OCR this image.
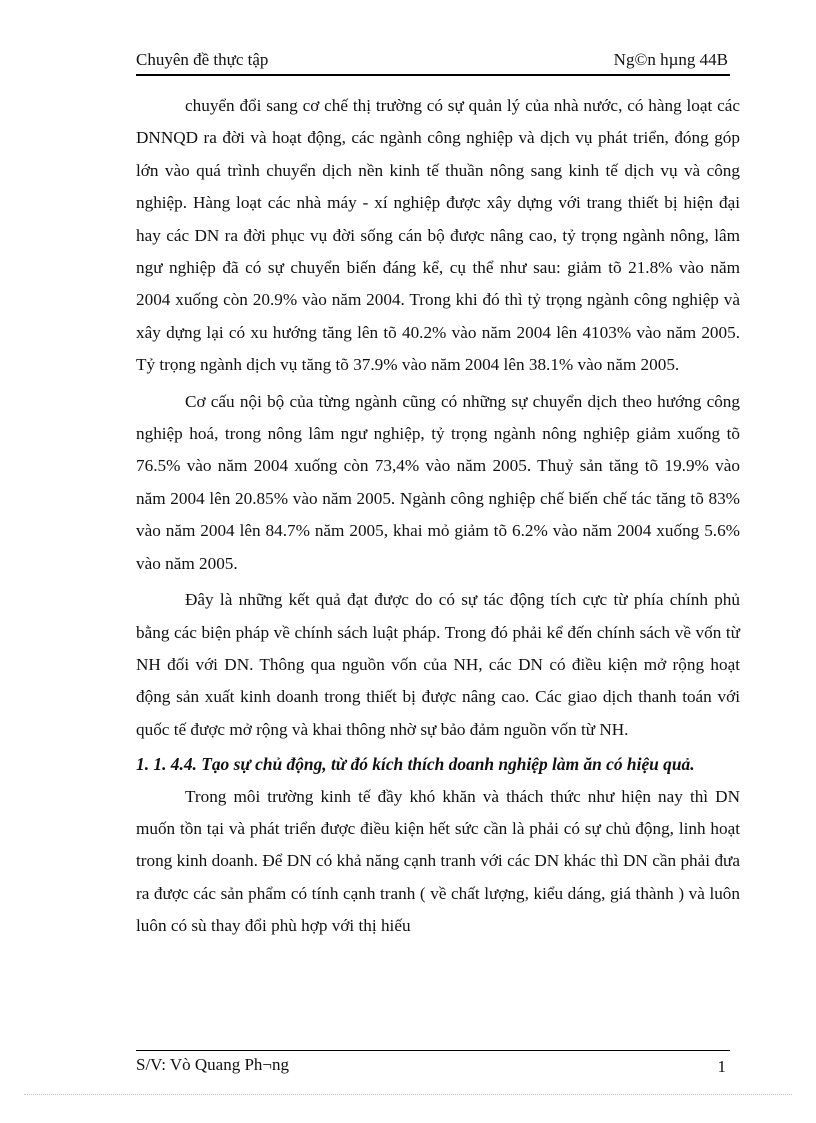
Chuyên đề thực tập	Ng©n hµng 44B

chuyển đổi sang cơ chế thị trường có sự quản lý của nhà nước, có hàng loạt các DNNQD ra đời và hoạt động, các ngành công nghiệp và dịch vụ phát triển, đóng góp lớn vào quá trình chuyển dịch nền kinh tế thuần nông sang kinh tế dịch vụ và công nghiệp. Hàng loạt các nhà máy - xí nghiệp được xây dựng với trang thiết bị hiện đại hay các DN ra đời phục vụ đời sống cán bộ được nâng cao, tỷ trọng ngành nông, lâm ngư nghiệp đã có sự chuyển biến đáng kể, cụ thể như sau: giảm tõ 21.8% vào năm 2004 xuống còn 20.9% vào năm 2004. Trong khi đó thì tỷ trọng ngành công nghiệp và xây dựng lại có xu hướng tăng lên tõ 40.2% vào năm 2004 lên 4103% vào năm 2005. Tỷ trọng ngành dịch vụ tăng tõ 37.9% vào năm 2004 lên 38.1% vào năm 2005.

Cơ cấu nội bộ của từng ngành cũng có những sự chuyển dịch theo hướng công nghiệp hoá, trong nông lâm ngư nghiệp, tỷ trọng ngành nông nghiệp giảm xuống tõ 76.5% vào năm 2004 xuống còn 73,4% vào năm 2005. Thuỷ sản tăng tõ 19.9% vào năm 2004 lên 20.85% vào năm 2005. Ngành công nghiệp chế biến chế tác tăng tõ 83% vào năm 2004 lên 84.7% năm 2005, khai mỏ giảm tõ 6.2% vào năm 2004 xuống 5.6% vào năm 2005.

Đây là những kết quả đạt được do có sự tác động tích cực từ phía chính phủ bằng các biện pháp về chính sách luật pháp. Trong đó phải kể đến chính sách về vốn từ NH đối với DN. Thông qua nguồn vốn của NH, các DN có điều kiện mở rộng hoạt động sản xuất kinh doanh trong thiết bị được nâng cao. Các giao dịch thanh toán với quốc tế được mở rộng và khai thông nhờ sự bảo đảm nguồn vốn từ NH.

1. 1. 4.4. Tạo sự chủ động, từ đó kích thích doanh nghiệp làm ăn có hiệu quả.

Trong môi trường kinh tế đầy khó khăn và thách thức như hiện nay thì DN muốn tồn tại và phát triển được điều kiện hết sức cần là phải có sự chủ động, linh hoạt trong kinh doanh. Để DN có khả năng cạnh tranh với các DN khác thì DN cần phải đưa ra được các sản phẩm có tính cạnh tranh ( về chất lượng, kiểu dáng, giá thành ) và luôn luôn có sù thay đổi phù hợp với thị hiếu

S/V: Vò Quang Ph¬ng	1
